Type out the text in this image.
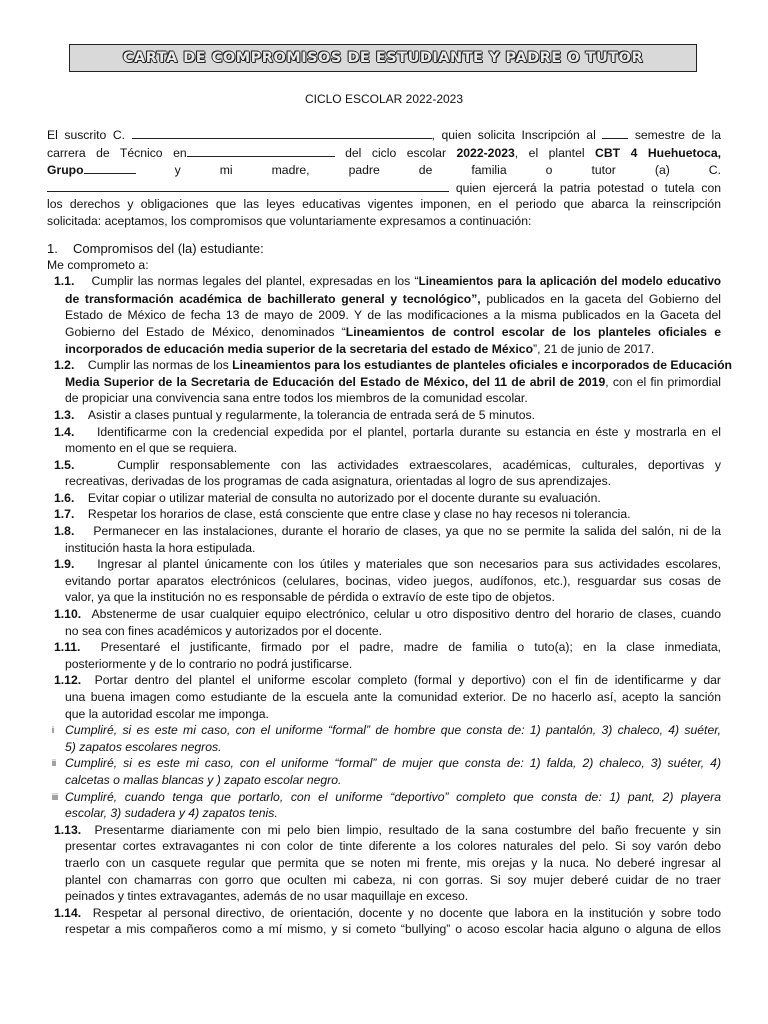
CARTA DE COMPROMISOS DE ESTUDIANTE Y PADRE O TUTOR
CICLO ESCOLAR 2022-2023
El suscrito C.	, quien solicita Inscripción al	semestre de la
carrera de Técnico en	del ciclo escolar 2022-2023, el plantel CBT 4 Huehuetoca,
Grupo	y mi madre, padre de familia o tutor (a) C.
quien ejercerá la patria potestad o tutela con
los derechos y obligaciones que las leyes educativas vigentes imponen, en el periodo que abarca la reinscripción
solicitada: aceptamos, los compromisos que voluntariamente expresamos a continuación:
1. Compromisos del (la) estudiante:
Me comprometo a:
1.1. Cumplir las normas legales del plantel, expresadas en los “Lineamientos para la aplicación del modelo educativo
de transformación académica de bachillerato general y tecnológico”, publicados en la gaceta del Gobierno del
Estado de México de fecha 13 de mayo de 2009. Y de las modificaciones a la misma publicados en la Gaceta del
Gobierno del Estado de México, denominados “Lineamientos de control escolar de los planteles oficiales e
incorporados de educación media superior de la secretaria del estado de México”, 21 de junio de 2017.
1.2. Cumplir las normas de los Lineamientos para los estudiantes de planteles oficiales e incorporados de Educación
Media Superior de la Secretaria de Educación del Estado de México, del 11 de abril de 2019, con el fin primordial
de propiciar una convivencia sana entre todos los miembros de la comunidad escolar.
1.3. Asistir a clases puntual y regularmente, la tolerancia de entrada será de 5 minutos.
1.4. Identificarme con la credencial expedida por el plantel, portarla durante su estancia en éste y mostrarla en el
momento en el que se requiera.
1.5.	Cumplir responsablemente con las actividades extraescolares, académicas, culturales, deportivas y
recreativas, derivadas de los programas de cada asignatura, orientadas al logro de sus aprendizajes.
1.6. Evitar copiar o utilizar material de consulta no autorizado por el docente durante su evaluación.
1.7. Respetar los horarios de clase, está consciente que entre clase y clase no hay recesos ni tolerancia.
1.8. Permanecer en las instalaciones, durante el horario de clases, ya que no se permite la salida del salón, ni de la
institución hasta la hora estipulada.
1.9. Ingresar al plantel únicamente con los útiles y materiales que son necesarios para sus actividades escolares,
evitando portar aparatos electrónicos (celulares, bocinas, video juegos, audífonos, etc.), resguardar sus cosas de
valor, ya que la institución no es responsable de pérdida o extravío de este tipo de objetos.
1.10. Abstenerme de usar cualquier equipo electrónico, celular u otro dispositivo dentro del horario de clases, cuando
no sea con fines académicos y autorizados por el docente.
1.11. Presentaré el justificante, firmado por el padre, madre de familia o tuto(a); en la clase inmediata,
posteriormente y de lo contrario no podrá justificarse.
1.12. Portar dentro del plantel el uniforme escolar completo (formal y deportivo) con el fin de identificarme y dar
una buena imagen como estudiante de la escuela ante la comunidad exterior. De no hacerlo así, acepto la sanción
que la autoridad escolar me imponga.
i Cumpliré, si es este mi caso, con el uniforme “formal” de hombre que consta de: 1) pantalón, 3) chaleco, 4) suéter,
5) zapatos escolares negros.
ii Cumpliré, si es este mi caso, con el uniforme “formal” de mujer que consta de: 1) falda, 2) chaleco, 3) suéter, 4)
calcetas o mallas blancas y ) zapato escolar negro.
iii Cumpliré, cuando tenga que portarlo, con el uniforme “deportivo” completo que consta de: 1) pant, 2) playera
escolar, 3) sudadera y 4) zapatos tenis.
1.13. Presentarme diariamente con mi pelo bien limpio, resultado de la sana costumbre del baño frecuente y sin
presentar cortes extravagantes ni con color de tinte diferente a los colores naturales del pelo. Si soy varón debo
traerlo con un casquete regular que permita que se noten mi frente, mis orejas y la nuca. No deberé ingresar al
plantel con chamarras con gorro que oculten mi cabeza, ni con gorras. Si soy mujer deberé cuidar de no traer
peinados y tintes extravagantes, además de no usar maquillaje en exceso.
1.14. Respetar al personal directivo, de orientación, docente y no docente que labora en la institución y sobre todo
respetar a mis compañeros como a mí mismo, y si cometo “bullying” o acoso escolar hacia alguno o alguna de ellos
